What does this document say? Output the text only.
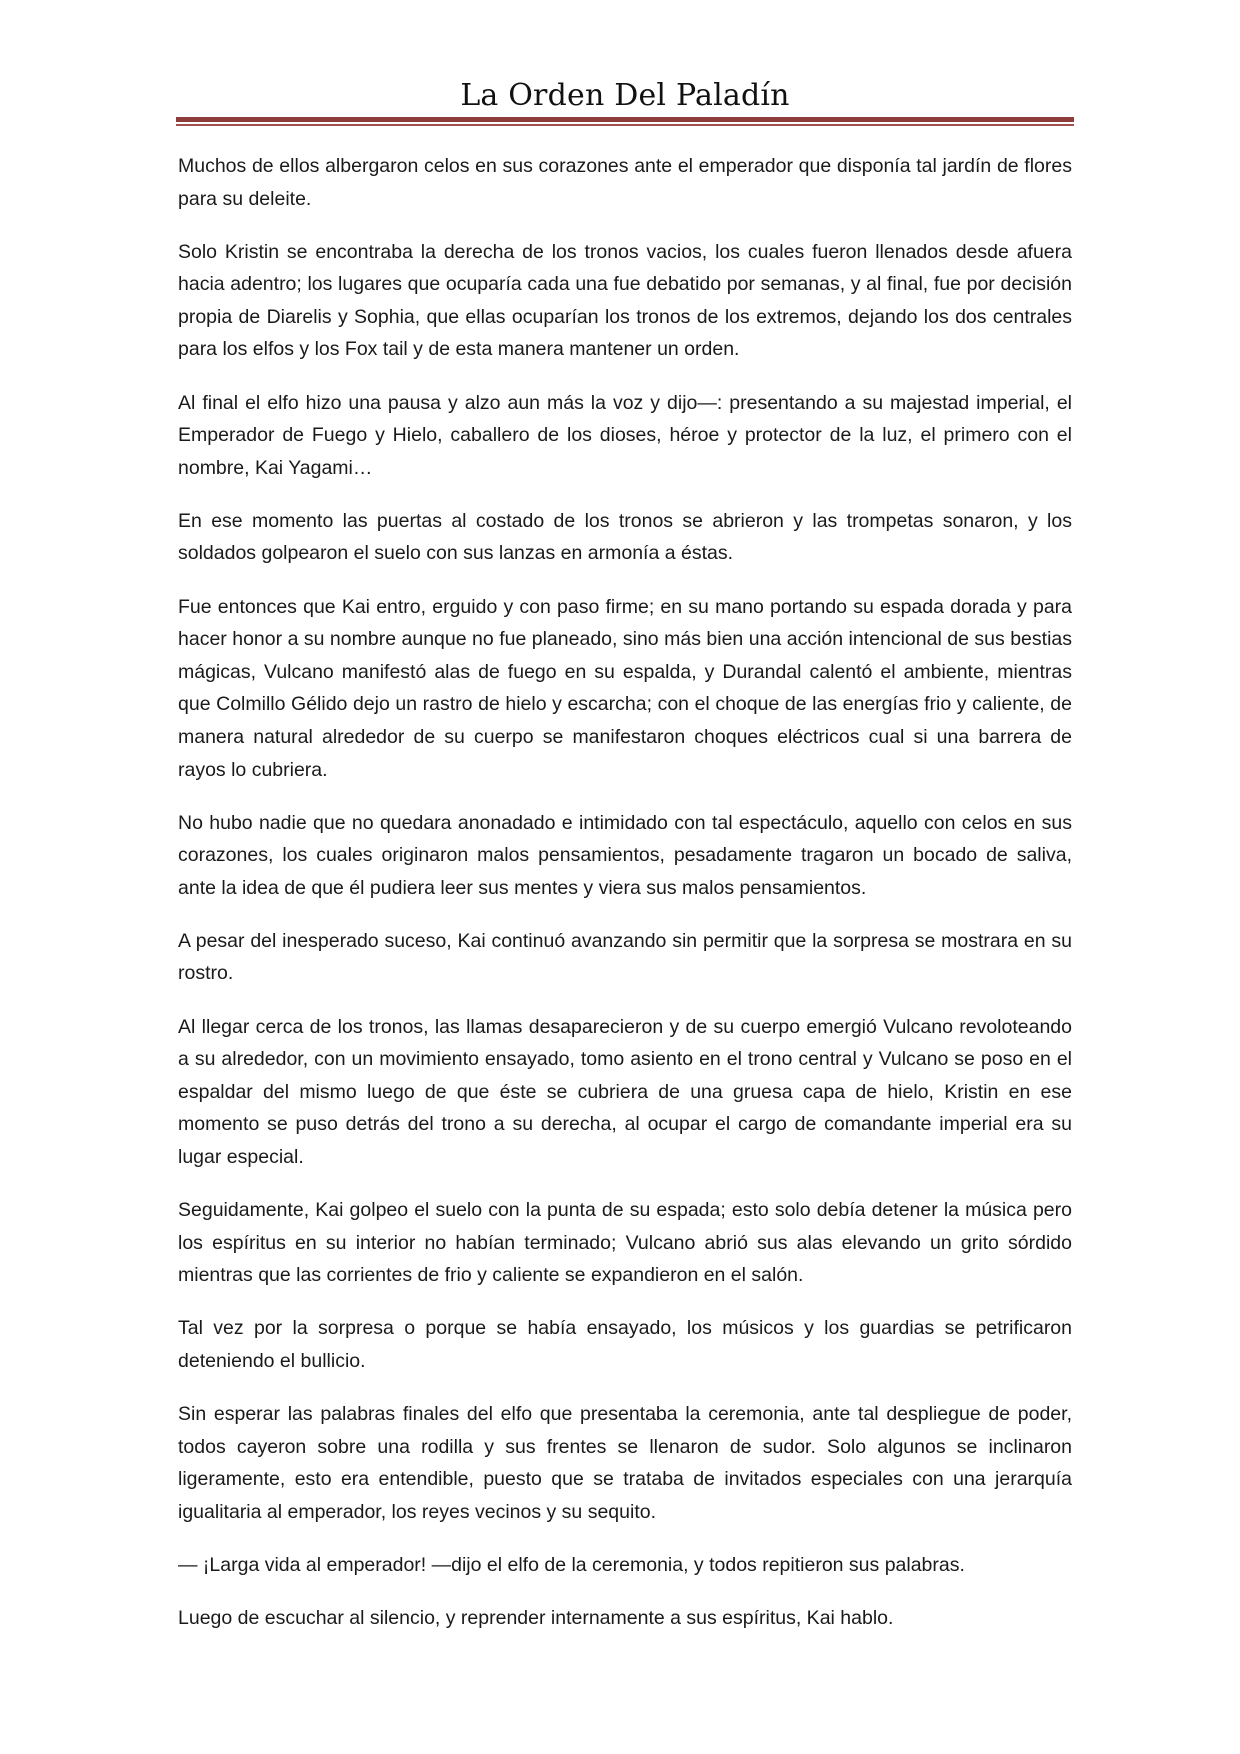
La Orden Del Paladín

Muchos de ellos albergaron celos en sus corazones ante el emperador que disponía tal jardín de flores para su deleite.

Solo Kristin se encontraba la derecha de los tronos vacios, los cuales fueron llenados desde afuera hacia adentro; los lugares que ocuparía cada una fue debatido por semanas, y al final, fue por decisión propia de Diarelis y Sophia, que ellas ocuparían los tronos de los extremos, dejando los dos centrales para los elfos y los Fox tail y de esta manera mantener un orden.

Al final el elfo hizo una pausa y alzo aun más la voz y dijo—: presentando a su majestad imperial, el Emperador de Fuego y Hielo, caballero de los dioses, héroe y protector de la luz, el primero con el nombre, Kai Yagami…

En ese momento las puertas al costado de los tronos se abrieron y las trompetas sonaron, y los soldados golpearon el suelo con sus lanzas en armonía a éstas.

Fue entonces que Kai entro, erguido y con paso firme; en su mano portando su espada dorada y para hacer honor a su nombre aunque no fue planeado, sino más bien una acción intencional de sus bestias mágicas, Vulcano manifestó alas de fuego en su espalda, y Durandal calentó el ambiente, mientras que Colmillo Gélido dejo un rastro de hielo y escarcha; con el choque de las energías frio y caliente, de manera natural alrededor de su cuerpo se manifestaron choques eléctricos cual si una barrera de rayos lo cubriera.

No hubo nadie que no quedara anonadado e intimidado con tal espectáculo, aquello con celos en sus corazones, los cuales originaron malos pensamientos, pesadamente tragaron un bocado de saliva, ante la idea de que él pudiera leer sus mentes y viera sus malos pensamientos.

A pesar del inesperado suceso, Kai continuó avanzando sin permitir que la sorpresa se mostrara en su rostro.

Al llegar cerca de los tronos, las llamas desaparecieron y de su cuerpo emergió Vulcano revoloteando a su alrededor, con un movimiento ensayado, tomo asiento en el trono central y Vulcano se poso en el espaldar del mismo luego de que éste se cubriera de una gruesa capa de hielo, Kristin en ese momento se puso detrás del trono a su derecha, al ocupar el cargo de comandante imperial era su lugar especial.

Seguidamente, Kai golpeo el suelo con la punta de su espada; esto solo debía detener la música pero los espíritus en su interior no habían terminado; Vulcano abrió sus alas elevando un grito sórdido mientras que las corrientes de frio y caliente se expandieron en el salón.

Tal vez por la sorpresa o porque se había ensayado, los músicos y los guardias se petrificaron deteniendo el bullicio.

Sin esperar las palabras finales del elfo que presentaba la ceremonia, ante tal despliegue de poder, todos cayeron sobre una rodilla y sus frentes se llenaron de sudor. Solo algunos se inclinaron ligeramente, esto era entendible, puesto que se trataba de invitados especiales con una jerarquía igualitaria al emperador, los reyes vecinos y su sequito.

— ¡Larga vida al emperador! —dijo el elfo de la ceremonia, y todos repitieron sus palabras.

Luego de escuchar al silencio, y reprender internamente a sus espíritus, Kai hablo.
